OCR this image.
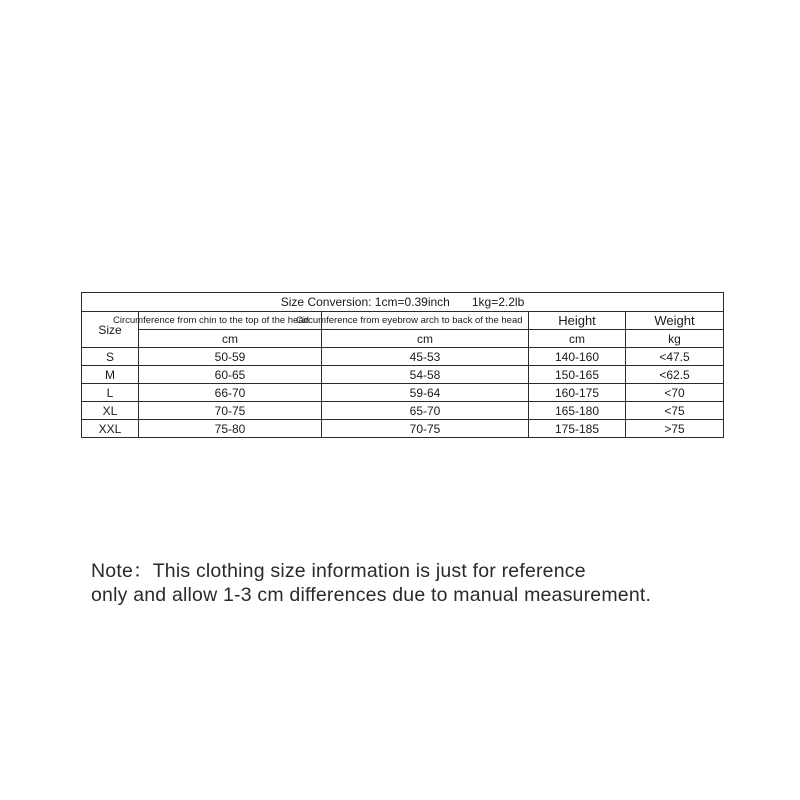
Size Conversion: 1cm=0.39inch 1kg=2.2lb				
Size	Circumference from chin to the top of the head	Circumference from eyebrow arch to back of the head	Height	Weight
	cm	cm	cm	kg
S	50-59	45-53	140-160	<47.5
M	60-65	54-58	150-165	<62.5
L	66-70	59-64	160-175	<70
XL	70-75	65-70	165-180	<75
XXL	75-80	70-75	175-185	>75

Note：This clothing size information is just for reference

only and allow 1-3 cm differences due to manual measurement.
